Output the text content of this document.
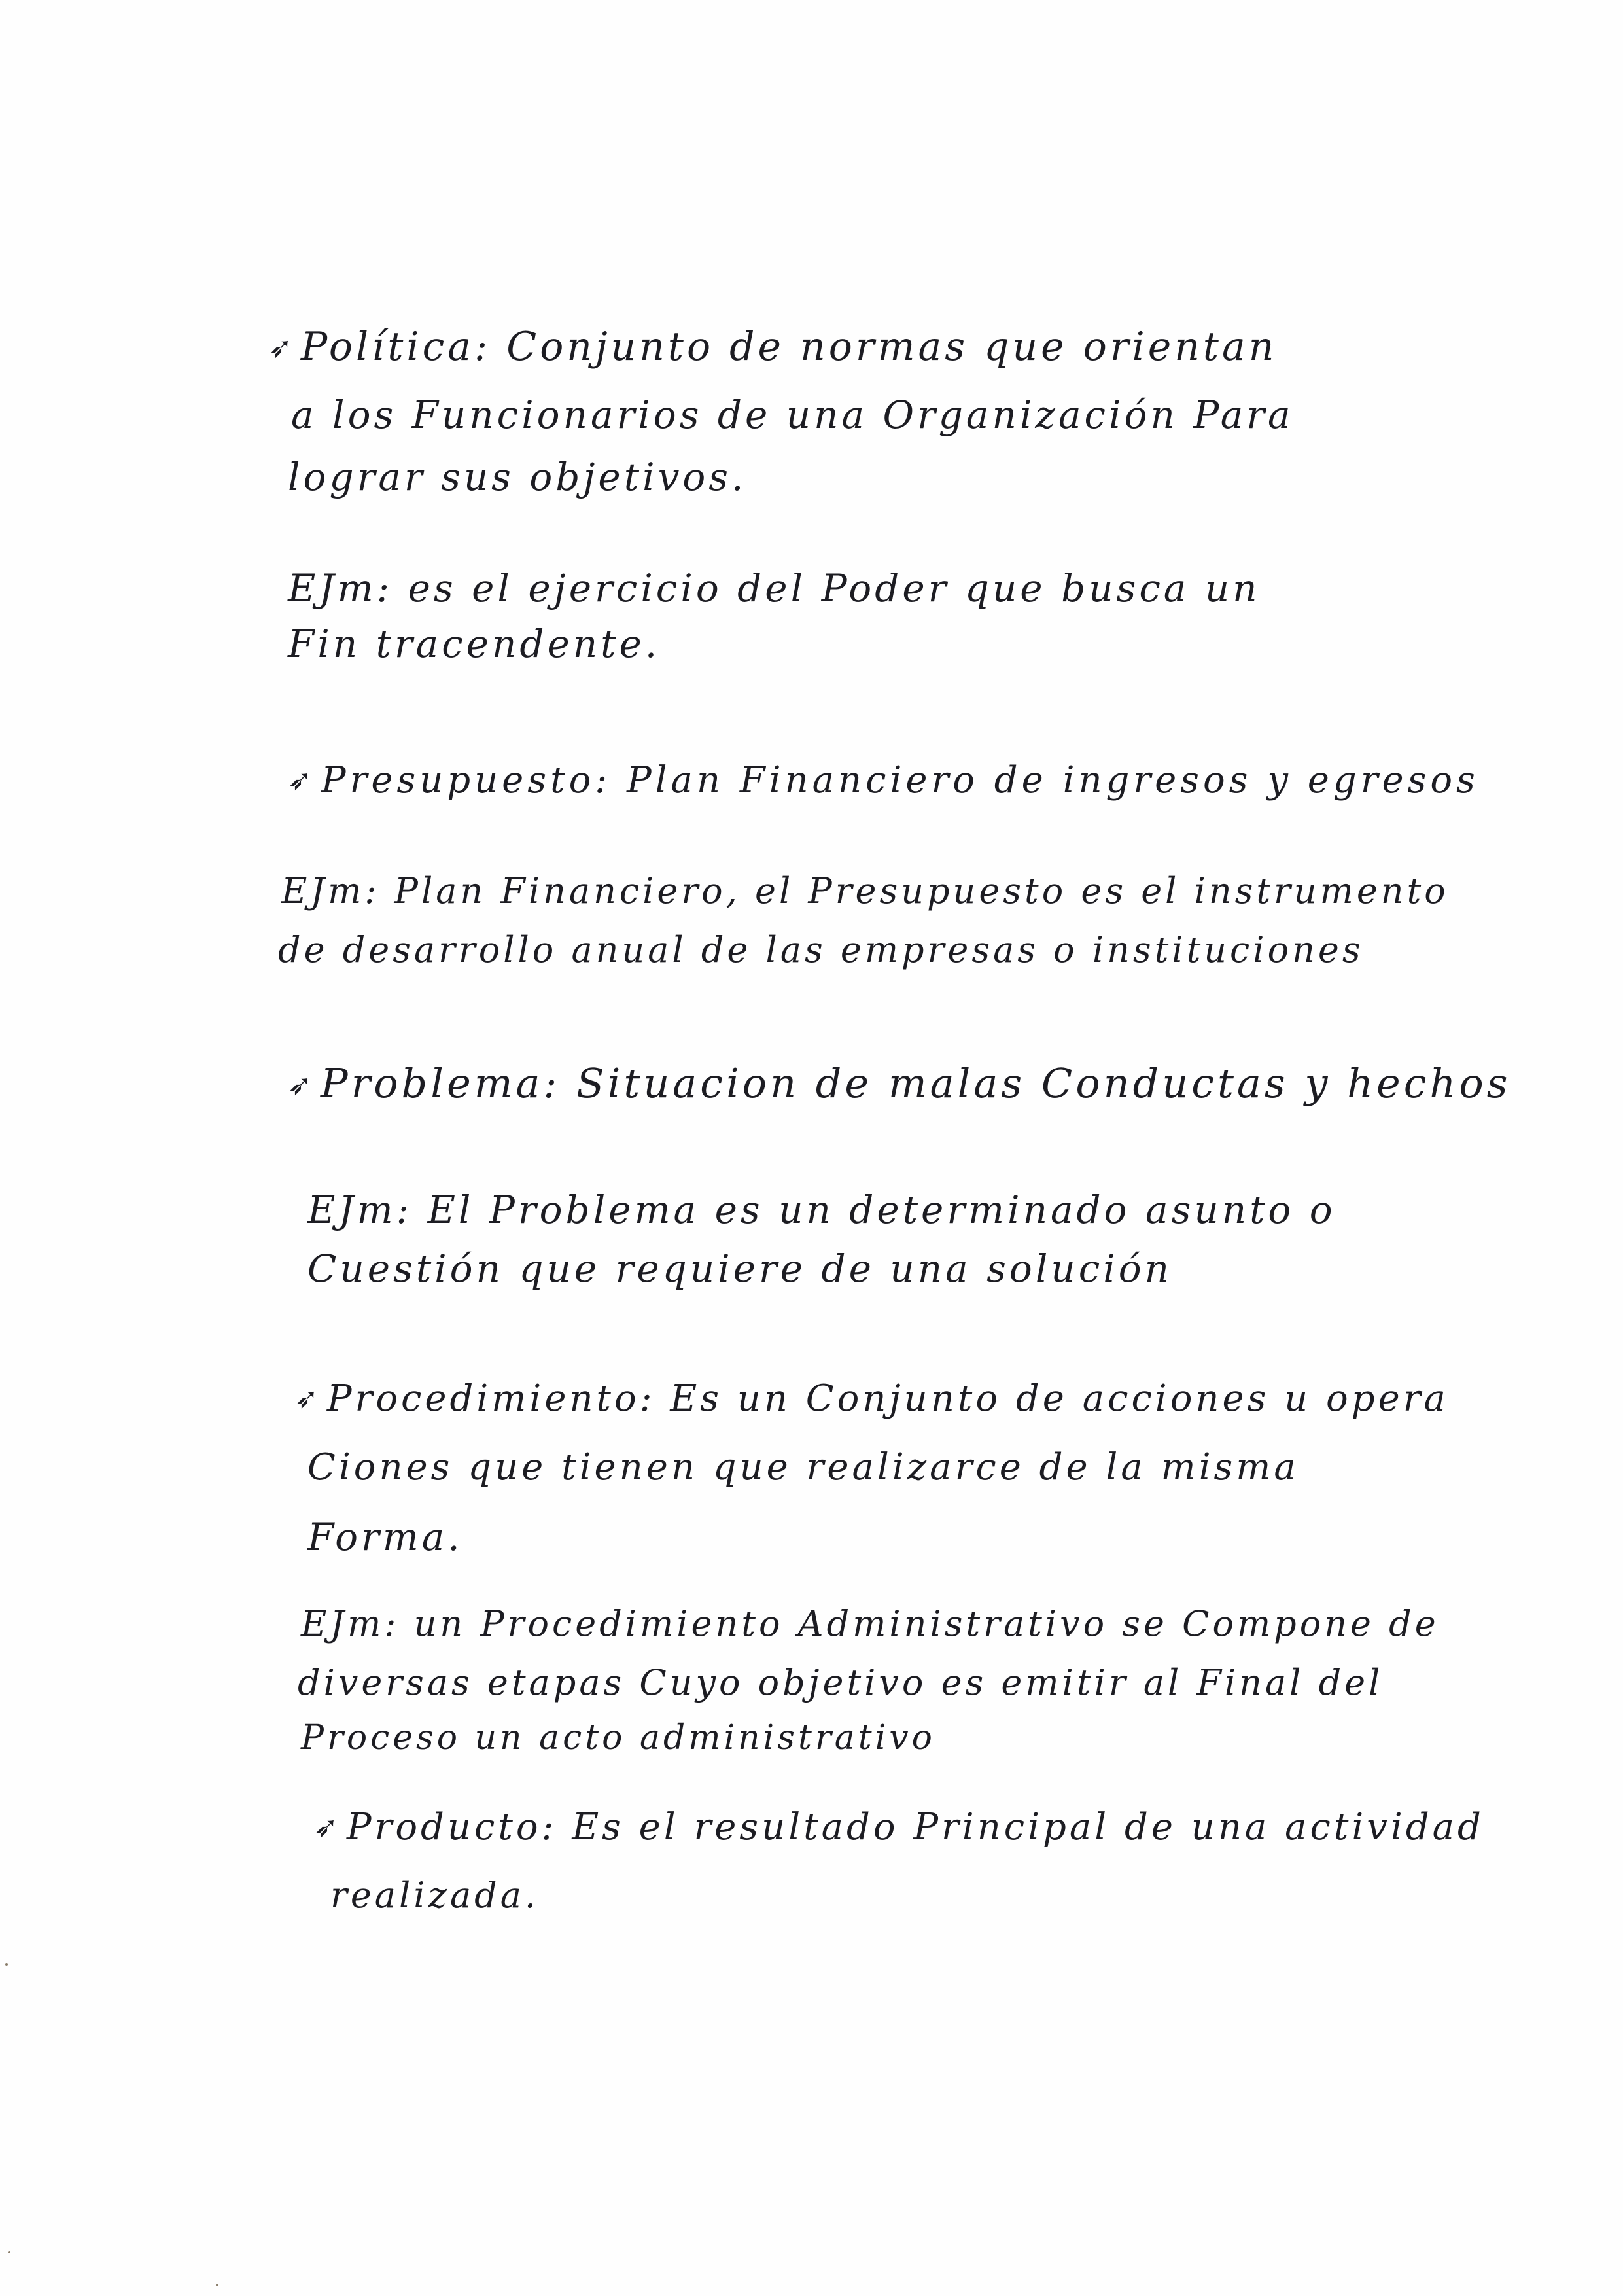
➶ Política: Conjunto de normas que orientan
a los Funcionarios de una Organización Para
lograr sus objetivos.
EJm: es el ejercicio del Poder que busca un
Fin tracendente.
➶ Presupuesto: Plan Financiero de ingresos y egresos
EJm: Plan Financiero, el Presupuesto es el instrumento
de desarrollo anual de las empresas o instituciones
➶ Problema: Situacion de malas Conductas y hechos
EJm: El Problema es un determinado asunto o
Cuestión que requiere de una solución
➶ Procedimiento: Es un Conjunto de acciones u opera
Ciones que tienen que realizarce de la misma
Forma.
EJm: un Procedimiento Administrativo se Compone de
diversas etapas Cuyo objetivo es emitir al Final del
Proceso un acto administrativo
➶ Producto: Es el resultado Principal de una actividad
realizada.
